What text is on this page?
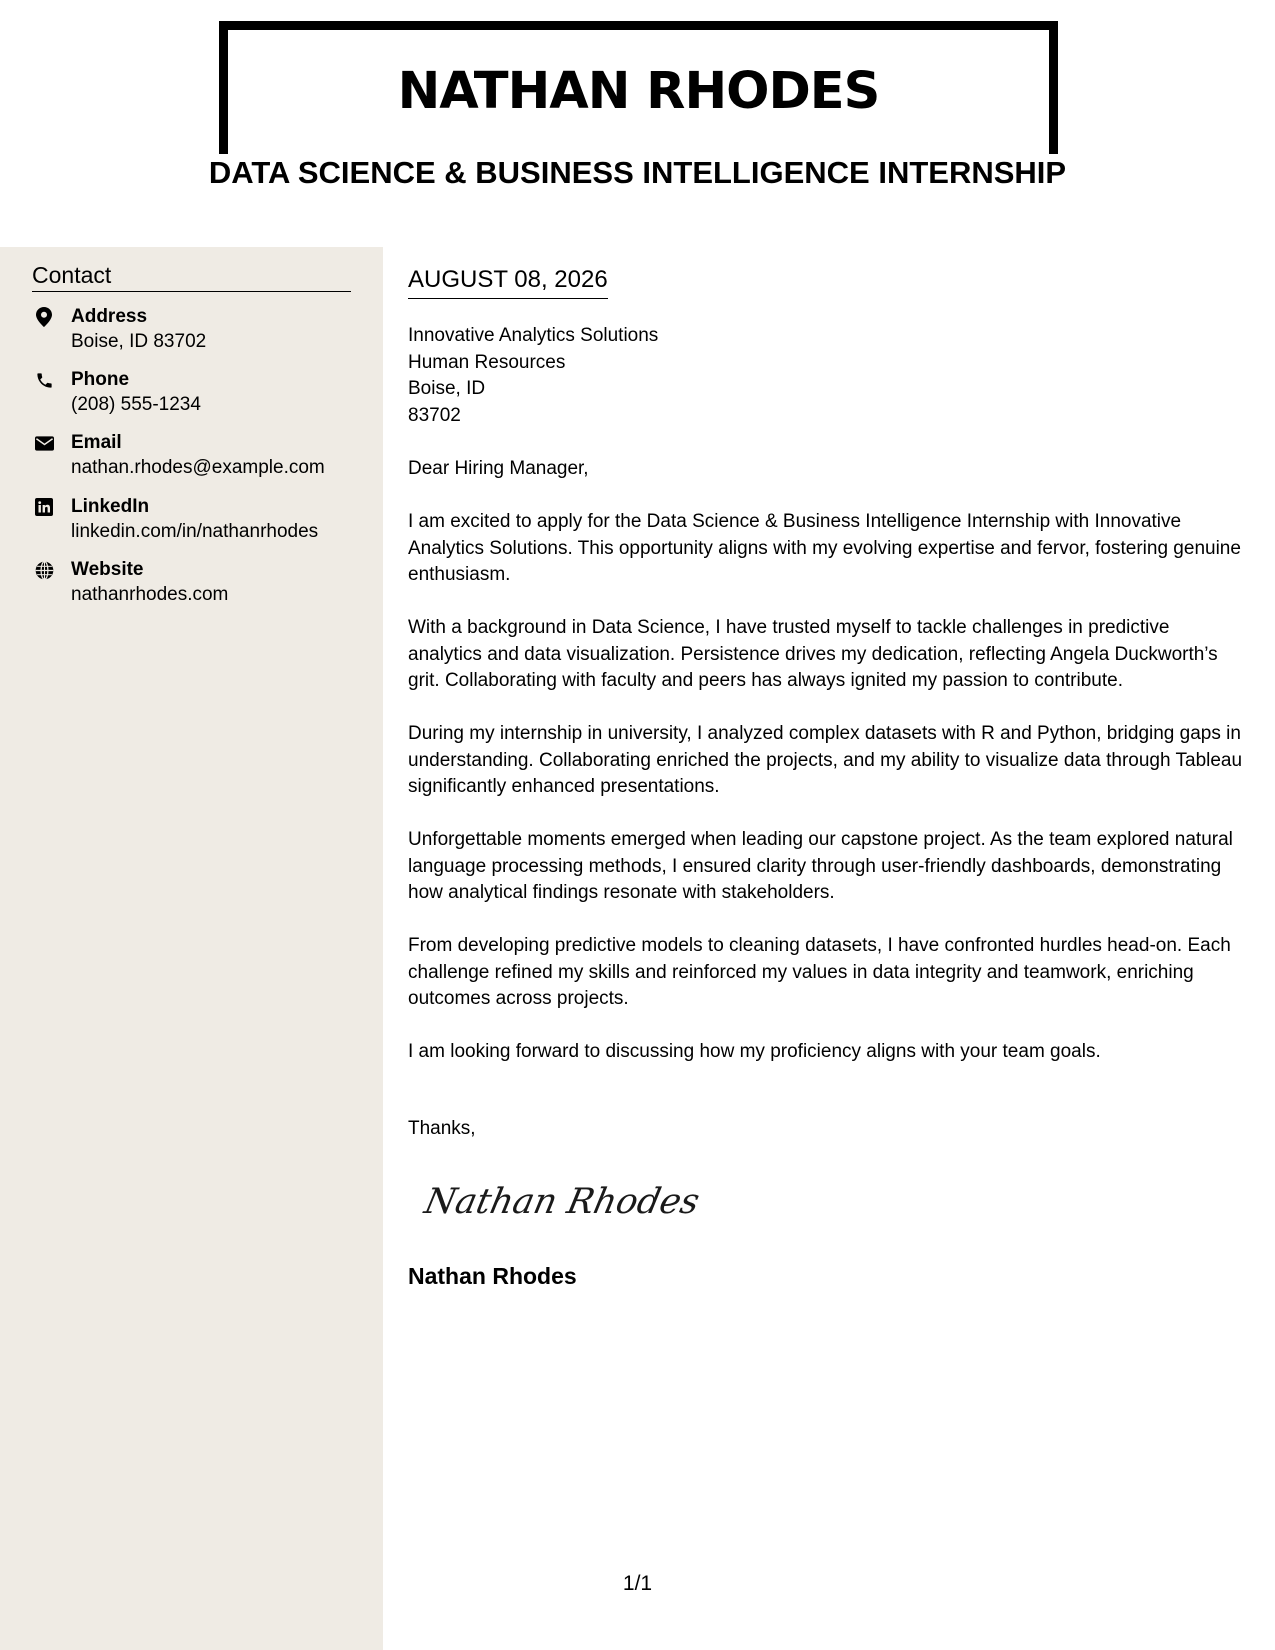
NATHAN RHODES
DATA SCIENCE & BUSINESS INTELLIGENCE INTERNSHIP
Contact
Address
Boise, ID 83702
Phone
(208) 555-1234
Email
nathan.rhodes@example.com
LinkedIn
linkedin.com/in/nathanrhodes
Website
nathanrhodes.com
AUGUST 08, 2026
Innovative Analytics Solutions
Human Resources
Boise, ID
83702

Dear Hiring Manager,

I am excited to apply for the Data Science & Business Intelligence Internship with Innovative Analytics Solutions. This opportunity aligns with my evolving expertise and fervor, fostering genuine enthusiasm.

With a background in Data Science, I have trusted myself to tackle challenges in predictive analytics and data visualization. Persistence drives my dedication, reflecting Angela Duckworth’s grit. Collaborating with faculty and peers has always ignited my passion to contribute.

During my internship in university, I analyzed complex datasets with R and Python, bridging gaps in understanding. Collaborating enriched the projects, and my ability to visualize data through Tableau significantly enhanced presentations.

Unforgettable moments emerged when leading our capstone project. As the team explored natural language processing methods, I ensured clarity through user-friendly dashboards, demonstrating how analytical findings resonate with stakeholders.

From developing predictive models to cleaning datasets, I have confronted hurdles head-on. Each challenge refined my skills and reinforced my values in data integrity and teamwork, enriching outcomes across projects.

I am looking forward to discussing how my proficiency aligns with your team goals.

Thanks,
Nathan Rhodes
Nathan Rhodes
1/1
